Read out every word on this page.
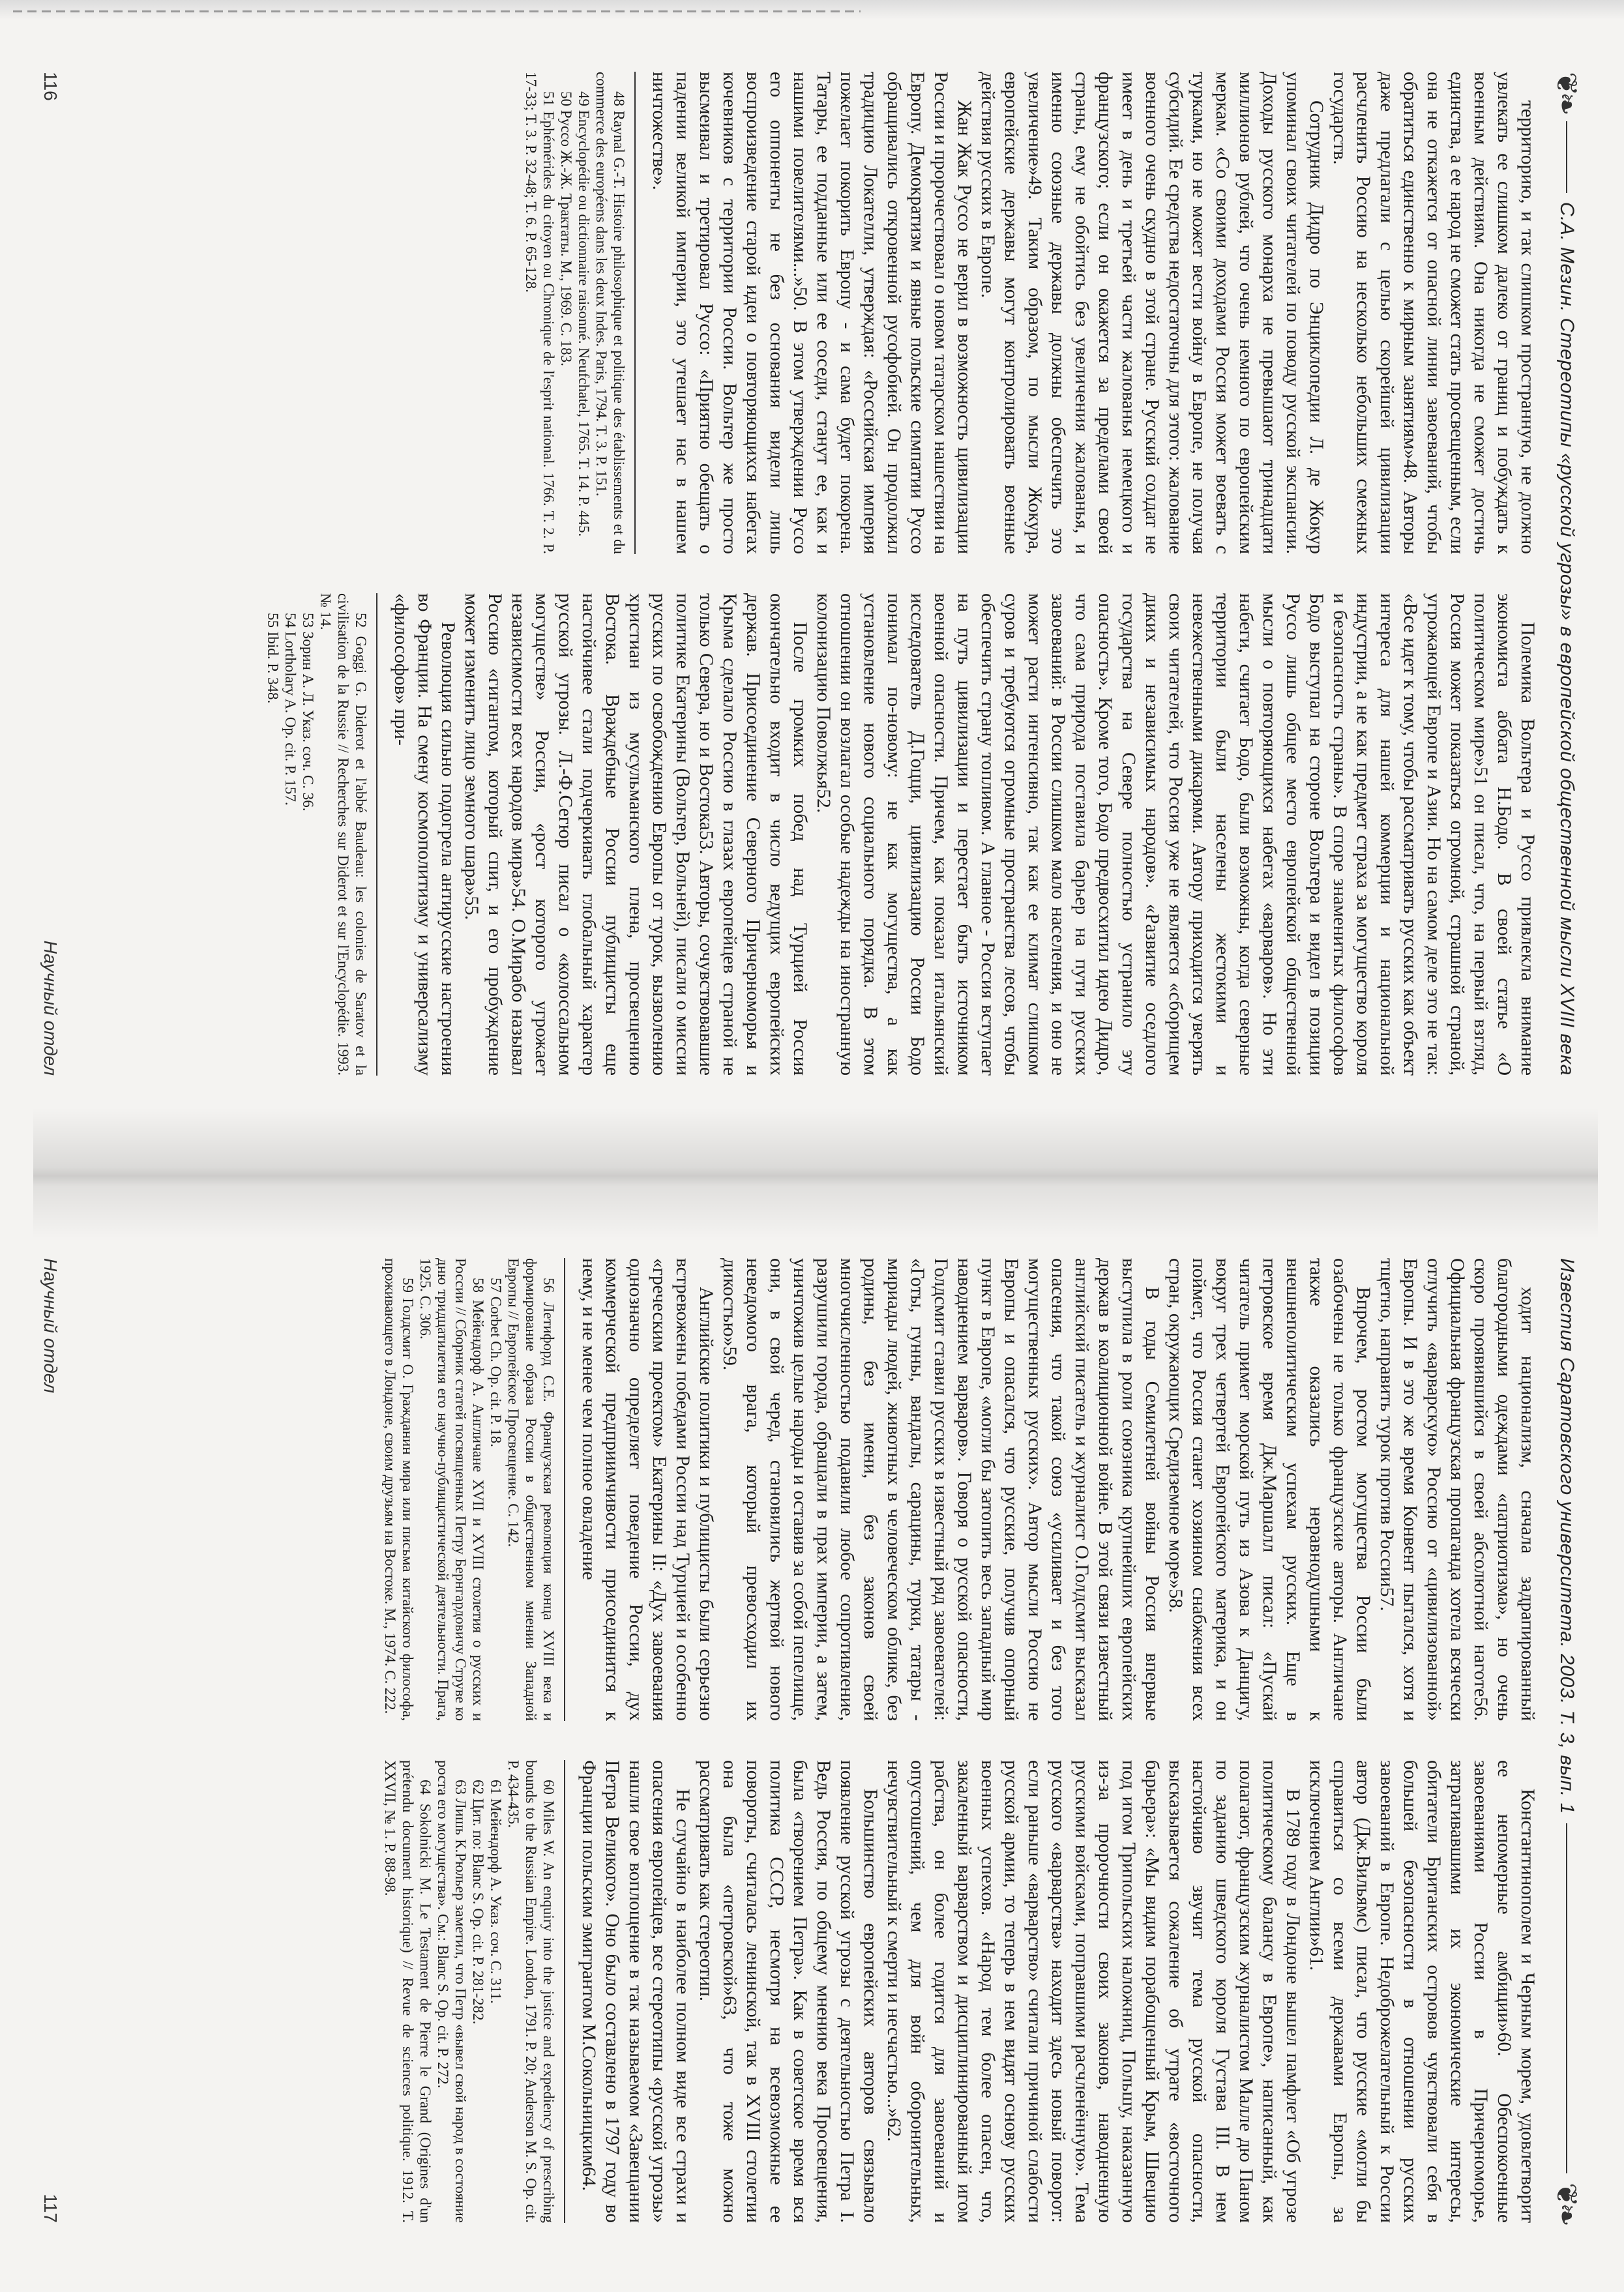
❦❧
С.А. Мезин. Стереотипы «русской угрозы» в европейской общественной мысли XVIII века

территорию, и так слишком пространную, не должно увлекать ее слишком далеко от границ и побуждать к военным действиям. Она никогда не сможет достичь единства, а ее народ не сможет стать просвещенным, если она не откажется от опасной линии завоеваний, чтобы обратиться единственно к мирным занятиям»48. Авторы даже предлагали с целью скорейшей цивилизации расчленить Россию на несколько небольших смежных государств.

Сотрудник Дидро по Энциклопедии Л. де Жокур упоминал своих читателей по поводу русской экспансии. Доходы русского монарха не превышают тринадцати миллионов рублей, что очень немного по европейским меркам. «Со своими доходами Россия может воевать с турками, но не может вести войну в Европе, не получая субсидий. Ее средства недостаточны для этого: жалование военного очень скудно в этой стране. Русский солдат не имеет в день и третьей части жалованья немецкого и французского; если он окажется за пределами своей страны, ему не обойтись без увеличения жалованья, и именно союзные державы должны обеспечить это увеличение»49. Таким образом, по мысли Жокура, европейские державы могут контролировать военные действия русских в Европе.

Жан Жак Руссо не верил в возможность цивилизации России и пророчествовал о новом татарском нашествии на Европу. Демократизм и явные польские симпатии Руссо обращивались откровенной русофобией. Он продолжил традицию Локателли, утверждая: «Российская империя пожелает покорить Европу - и сама будет покорена. Татары, ее подданные или ее соседи, станут ее, как и нашими повелителями...»50. В этом утверждении Руссо его оппоненты не без основания видели лишь воспроизведение старой идеи о повторяющихся набегах кочевников с территории России. Вольтер же просто высмеивал и третировал Руссо: «Приятно обещать о падении великой империи, это утешает нас в нашем ничтожестве».

48 Raynal G.-T. Histoire philosophique et politique des établissements et du commerce des européens dans les deux Indes. Paris, 1794. T. 3. P. 151.

49 Encyclopédie ou dictionnaire raisonné. Neufchatel, 1765. T. 14. P. 445.

50 Руссо Ж.-Ж. Трактаты. М., 1969. С. 183.

51 Ephémérides du citoyen ou Chronique de l'esprit national. 1766. T. 2. P. 17-33; T. 3. P. 32-48; T. 6. P. 65-128.

Полемика Вольтера и Руссо привлекла внимание экономиста аббата Н.Бодо. В своей статье «О политическом мире»51 он писал, что, на первый взгляд, Россия может показаться огромной, страшной страной, угрожающей Европе и Азии. Но на самом деле это не так: «Все идет к тому, чтобы рассматривать русских как объект интереса для нашей коммерции и национальной индустрии, а не как предмет страха за могущество короля и безопасность страны». В споре знаменитых философов Бодо выступал на стороне Вольтера и видел в позиции Руссо лишь общее место европейской общественной мысли о повторяющихся набегах «варваров». Но эти набеги, считает Бодо, были возможны, когда северные территории были населены жестокими и невежественными дикарями. Автору приходится уверять своих читателей, что Россия уже не является «сборищем диких и независимых народов». «Развитие оседлого государства на Севере полностью устранило эту опасность». Кроме того, Бодо предвосхитил идею Дидро, что сама природа поставила барьер на пути русских завоеваний: в России слишком мало населения, и оно не может расти интенсивно, так как ее климат слишком суров и требуются огромные пространства лесов, чтобы обеспечить страну топливом. А главное - Россия вступает на путь цивилизации и перестает быть источником военной опасности. Причем, как показал итальянский исследователь Д.Гоцци, цивилизацию России Бодо понимал по-новому: не как могущества, а как установление нового социального порядка. В этом отношении он возлагал особые надежды на иностранную колонизацию Поволжья52.

После громких побед над Турцией Россия окончательно входит в число ведущих европейских держав. Присоединение Северного Причерноморья и Крыма сделало Россию в глазах европейцев страной не только Севера, но и Востока53. Авторы, сочувствовавшие политике Екатерины (Вольтер, Вольней), писали о миссии русских по освобождению Европы от турок, вызволению христиан из мусульманского плена, просвещению Востока. Враждебные России публицисты еще настойчивее стали подчеркивать глобальный характер русской угрозы. Л.-Ф.Сегюр писал о «колоссальном могуществе» России, «рост которого угрожает независимости всех народов мира»54. О.Мирабо называл Россию «гигантом, который спит, и его пробуждение может изменить лицо земного шара»55.

Революция сильно подогрела антирусские настроения во Франции. На смену космополитизму и универсализму «философов» при-

52 Goggi G. Diderot et l'abbé Baudeau: les colonies de Saratov et la civilisation de la Russie // Recherches sur Diderot et sur l'Encyclopédie. 1993. № 14.

53 Зорин А. Л. Указ. соч. С. 36.

54 Lortholary A. Op. cit. P. 157.

55 Ibid. P. 348.

116
Научный отдел
Известия Саратовского университета. 2003. Т. 3, вып. 1
❦❧

ходит национализм, сначала задрапированный благородными одеждами «патриотизма», но очень скоро проявившийся в своей абсолютной наготе56. Официальная французская пропаганда хотела всячески отлучить «варварскую» Россию от «цивилизованной» Европы. И в это же время Конвент пытался, хотя и тщетно, направить турок против России57.

Впрочем, ростом могущества России были озабочены не только французские авторы. Англичане также оказались неравнодушными к внешнеполитическим успехам русских. Еще в петровское время Дж.Маршалл писал: «Пускай читатель примет морской путь из Азова к Данцигу, вокруг трех четвертей Европейского материка, и он поймет, что Россия станет хозяином снабжения всех стран, окружающих Средиземное море»58.

В годы Семилетней войны Россия впервые выступила в роли союзника крупнейших европейских держав в коалиционной войне. В этой связи известный английский писатель и журналист О.Голдсмит высказал опасения, что такой союз «усиливает и без того могущественных русских». Автор мысли Россию не Европы и опасался, что русские, получив опорный пункт в Европе, «могли бы затопить весь западный мир наводнением варваров». Говоря о русской опасности, Голдсмит ставил русских в известный ряд завоевателей: «Готы, гунны, вандалы, сарацины, турки, татары - мириады людей, животных в человеческом облике, без родины, без имени, без законов своей многочисленностью подавили любое сопротивление, разрушили города, обращали в прах империи, а затем, уничтожив целые народы и оставив за собой пепелище, они, в свой черед, становились жертвой нового неведомого врага, который превосходил их дикостью»59.

Английские политики и публицисты были серьезно встревожены победами России над Турцией и особенно «греческим проектом» Екатерины II: «Дух завоевания однозначно определяет поведение России, дух коммерческой предприимчивости присоединится к нему, и не менее чем полное овладение

56 Летифорд С.Е. Французская революция конца XVIII века и формирование образа России в общественном мнении Западной Европы // Европейское Просвещение. С. 142.

57 Corbet Ch. Op. cit. P. 18.

58 Мейендорф А. Англичане XVII и XVIII столетия о русских и России // Сборник статей посвященных Петру Бернгардовичу Струве ко дню тридцатилетия его научно-публицистической деятельности. Прага, 1925. С. 306.

59 Голдсмит О. Гражданин мира или письма китайского философа, проживающего в Лондоне, своим друзьям на Востоке. М., 1974. С. 222.

Константинополем и Черным морем, удовлетворит ее непомерные амбиции»60. Обеспокоенные завоеваниями России в Причерноморье, затрагивавшими их экономические интересы, обитатели Британских островов чувствовали себя в большей безопасности в отношении русских завоеваний в Европе. Недоброжелательный к России автор (Дж.Вильямс) писал, что русские «могли бы справиться со всеми державами Европы, за исключением Англии»61.

В 1789 году в Лондоне вышел памфлет «Об угрозе политическому балансу в Европе», написанный, как полагают, французским журналистом Малле дю Паном по заданию шведского короля Густава III. В нем настойчиво звучит тема русской опасности, высказывается сожаление об утрате «восточного барьера»: «Мы видим порабощенный Крым, Швецию под игом Трипольских наложниц, Польшу, наказанную из-за пророчности своих законов, наводненную русскими войсками, поправшими расчленённую». Тема русского «варварства» находит здесь новый поворот: если раньше «варварство» считали причиной слабости русской армии, то теперь в нем видят основу русских военных успехов. «Народ тем более опасен, что, закаленный варварством и дисциплинированный игом рабства, он более годится для завоеваний и опустошений, чем для войн оборонительных, нечувствительный к смерти и несчастью...»62.

Большинство европейских авторов связывало появление русской угрозы с деятельностью Петра I. Ведь Россия, по общему мнению века Просвещения, была «творением Петра». Как в советское время вся политика СССР, несмотря на всевозможные ее повороты, считалась ленинской, так в XVIII столетии она была «петровской»63, что тоже можно рассматривать как стереотип.

Не случайно в наиболее полном виде все страхи и опасения европейцев, все стереотипы «русской угрозы» нашли свое воплощение в так называемом «Завещании Петра Великого». Оно было составлено в 1797 году во Франции польским эмигрантом М.Сокольницким64.

60 Miles W. An enquiry into the justice and expediency of prescribing bounds to the Russian Empire. London, 1791. P. 20; Anderson M. S. Op. cit. P. 434-435.

61 Мейендорф А. Указ. соч. С. 311.

62 Цит. по: Blanc S. Op. cit. P. 281-282.

63 Лишь К.Рюльер заметил, что Петр «вывел свой народ в состояние роста его могущества». См.: Blanc S. Op. cit. P. 272.

64 Sokolnicki M. Le Testament de Pierre le Grand (Origines d'un prétendu document historique) // Revue de sciences politique. 1912. T. XXVII, № 1. P. 88-98.

Научный отдел
117
